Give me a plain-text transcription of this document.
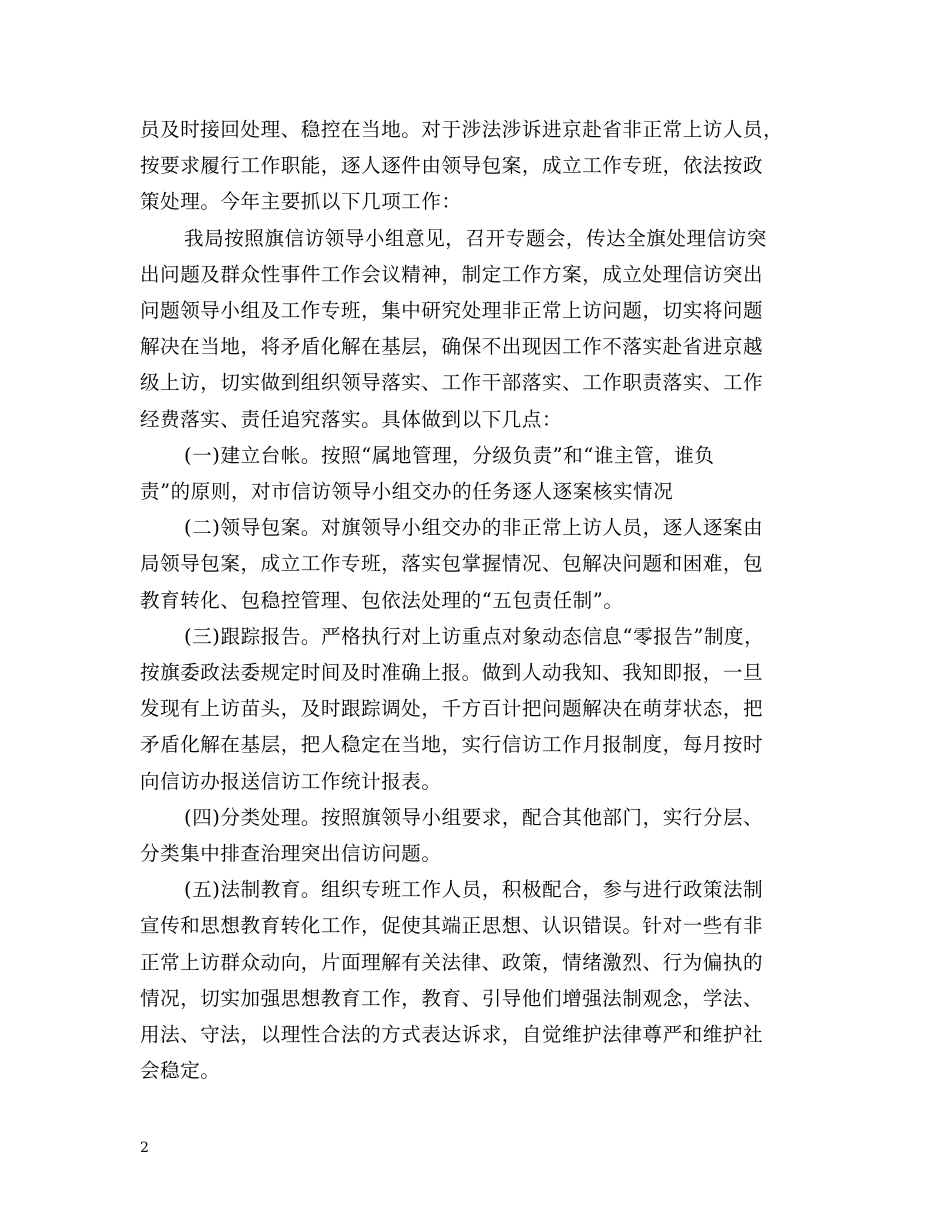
员及时接回处理、稳控在当地。对于涉法涉诉进京赴省非正常上访人员，
按要求履行工作职能，逐人逐件由领导包案，成立工作专班，依法按政
策处理。今年主要抓以下几项工作：

我局按照旗信访领导小组意见，召开专题会，传达全旗处理信访突
出问题及群众性事件工作会议精神，制定工作方案，成立处理信访突出
问题领导小组及工作专班，集中研究处理非正常上访问题，切实将问题
解决在当地，将矛盾化解在基层，确保不出现因工作不落实赴省进京越
级上访，切实做到组织领导落实、工作干部落实、工作职责落实、工作
经费落实、责任追究落实。具体做到以下几点：

(一)建立台帐。按照“属地管理，分级负责”和“谁主管，谁负
责”的原则，对市信访领导小组交办的任务逐人逐案核实情况

(二)领导包案。对旗领导小组交办的非正常上访人员，逐人逐案由
局领导包案，成立工作专班，落实包掌握情况、包解决问题和困难，包
教育转化、包稳控管理、包依法处理的“五包责任制”。

(三)跟踪报告。严格执行对上访重点对象动态信息“零报告”制度，
按旗委政法委规定时间及时准确上报。做到人动我知、我知即报，一旦
发现有上访苗头，及时跟踪调处，千方百计把问题解决在萌芽状态，把
矛盾化解在基层，把人稳定在当地，实行信访工作月报制度，每月按时
向信访办报送信访工作统计报表。

(四)分类处理。按照旗领导小组要求，配合其他部门，实行分层、
分类集中排查治理突出信访问题。

(五)法制教育。组织专班工作人员，积极配合，参与进行政策法制
宣传和思想教育转化工作，促使其端正思想、认识错误。针对一些有非
正常上访群众动向，片面理解有关法律、政策，情绪激烈、行为偏执的
情况，切实加强思想教育工作，教育、引导他们增强法制观念，学法、
用法、守法，以理性合法的方式表达诉求，自觉维护法律尊严和维护社
会稳定。

2
